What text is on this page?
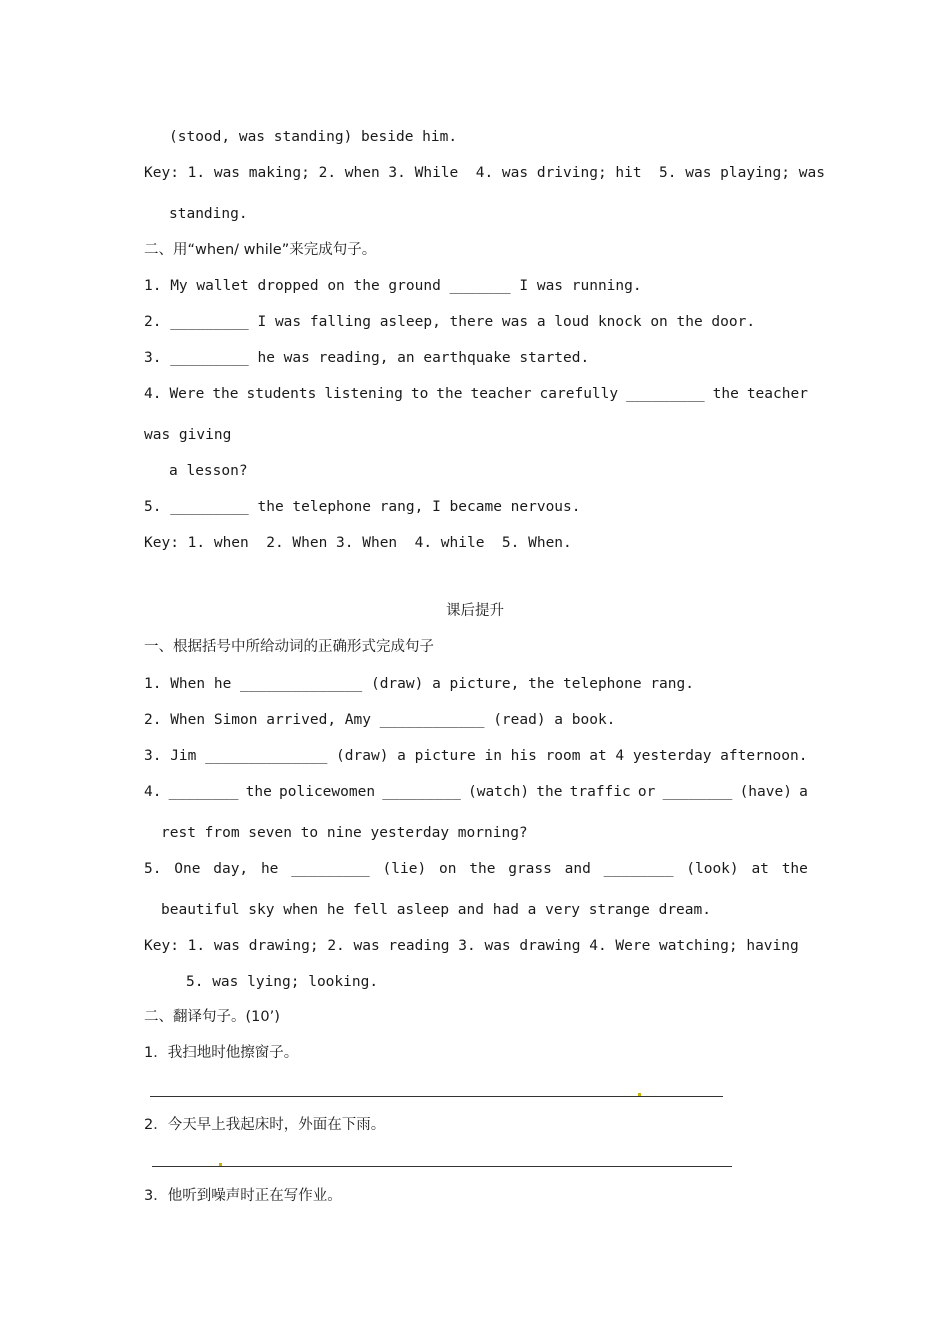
(stood, was standing) beside him.
Key: 1. was making; 2. when 3. While  4. was driving; hit  5. was playing; was
standing.
二、用“when/ while”来完成句子。
1. My wallet dropped on the ground _______ I was running.
2. _________ I was falling asleep, there was a loud knock on the door.
3. _________ he was reading, an earthquake started.
4. Were the students listening to the teacher carefully _________ the teacher
was giving
a lesson?
5. _________ the telephone rang, I became nervous.
Key: 1. when  2. When 3. When  4. while  5. When.
课后提升
一、根据括号中所给动词的正确形式完成句子
1. When he ______________ (draw) a picture, the telephone rang.
2. When Simon arrived, Amy ____________ (read) a book.
3. Jim ______________ (draw) a picture in his room at 4 yesterday afternoon.
4. ________ the policewomen _________ (watch) the traffic or ________ (have) a
rest from seven to nine yesterday morning?
5. One day, he _________ (lie) on the grass and ________ (look) at the
beautiful sky when he fell asleep and had a very strange dream.
Key: 1. was drawing; 2. was reading 3. was drawing 4. Were watching; having
5. was lying; looking.
二、翻译句子。(10’)
1．我扫地时他擦窗子。
2．今天早上我起床时，外面在下雨。
3．他听到噪声时正在写作业。
